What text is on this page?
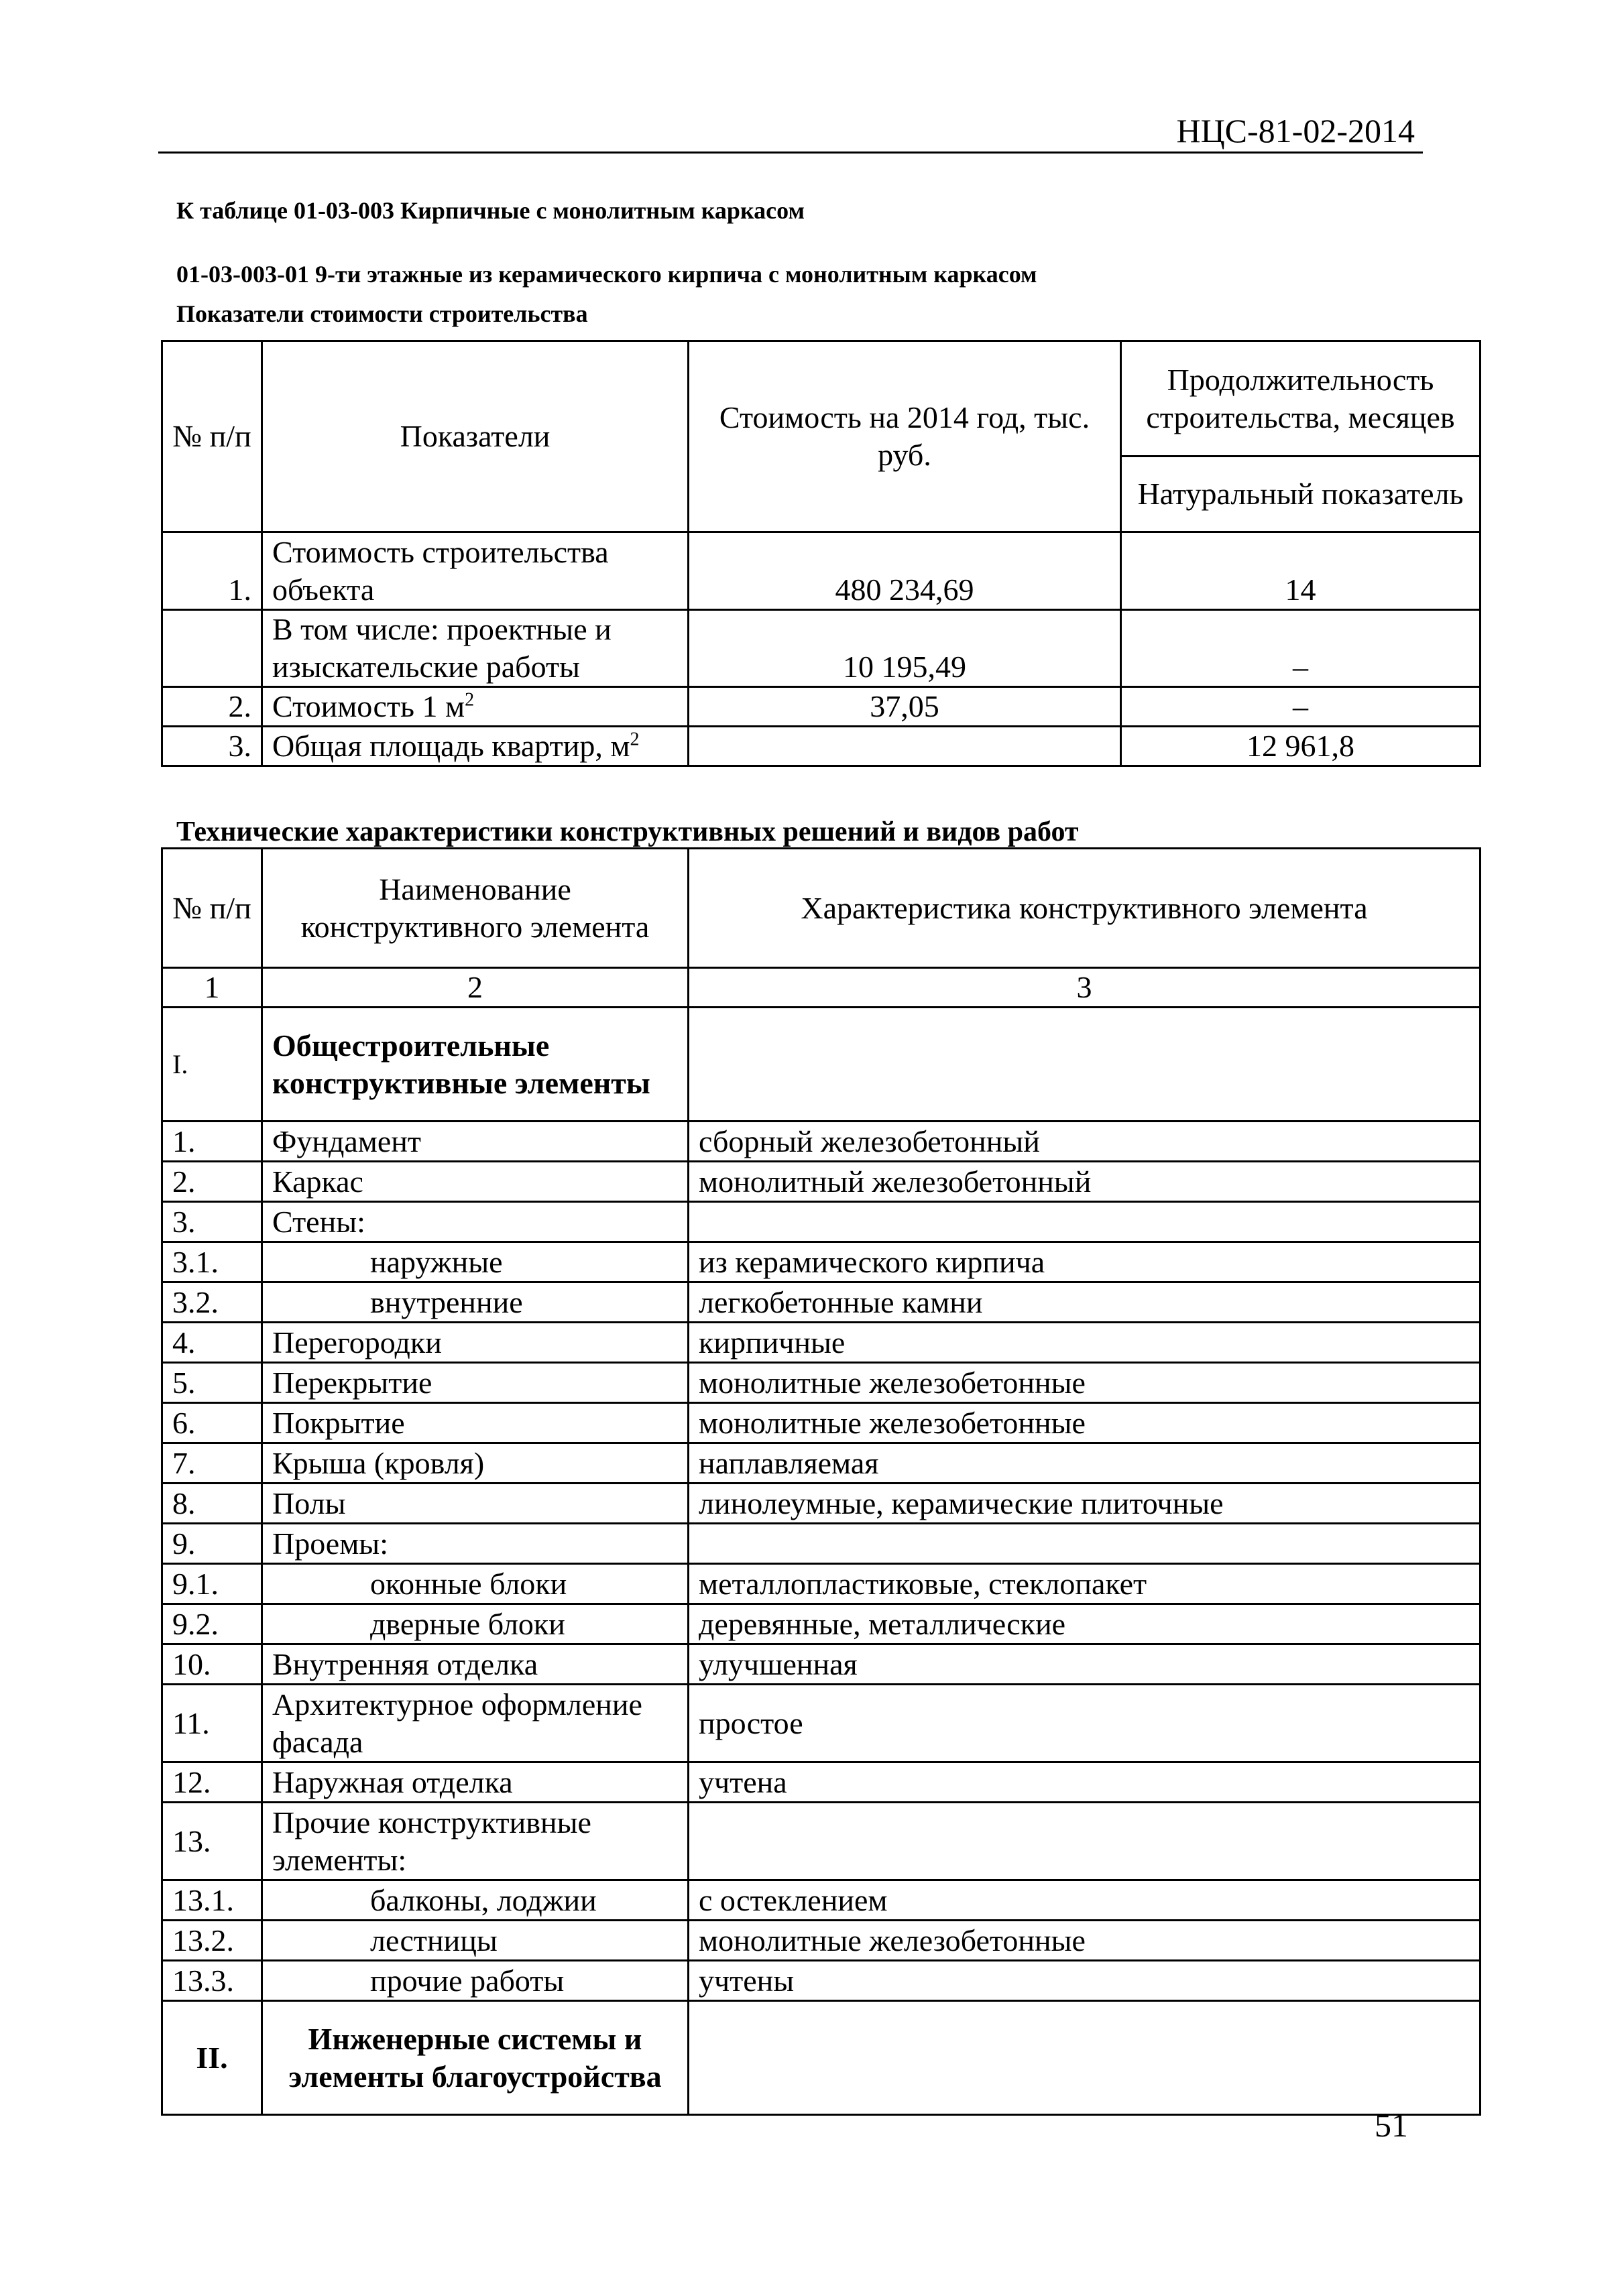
НЦС-81-02-2014
К таблице 01-03-003 Кирпичные с монолитным каркасом
01-03-003-01 9-ти этажные из керамического кирпича с монолитным каркасом
Показатели стоимости строительства
№ п/п	Показатели	Стоимость на 2014 год, тыс. руб.	Продолжительность строительства, месяцев
			Натуральный показатель
1.	Стоимость строительства объекта	480 234,69	14
	В том числе: проектные и изыскательские работы	10 195,49	–
2.	Стоимость 1 $м^2$	37,05	–
3.	Общая площадь квартир, $м^2$		12 961,8
Технические характеристики конструктивных решений и видов работ
№ п/п	Наименование конструктивного элемента	Характеристика конструктивного элемента
1	2	3
I.	Общестроительные конструктивные элементы	
1.	Фундамент	сборный железобетонный
2.	Каркас	монолитный железобетонный
3.	Стены:	
3.1.	наружные	из керамического кирпича
3.2.	внутренние	легкобетонные камни
4.	Перегородки	кирпичные
5.	Перекрытие	монолитные железобетонные
6.	Покрытие	монолитные железобетонные
7.	Крыша (кровля)	наплавляемая
8.	Полы	линолеумные, керамические плиточные
9.	Проемы:	
9.1.	оконные блоки	металлопластиковые, стеклопакет
9.2.	дверные блоки	деревянные, металлические
10.	Внутренняя отделка	улучшенная
11.	Архитектурное оформление фасада	простое
12.	Наружная отделка	учтена
13.	Прочие конструктивные элементы:	
13.1.	балконы, лоджии	с остеклением
13.2.	лестницы	монолитные железобетонные
13.3.	прочие работы	учтены
II.	Инженерные системы и элементы благоустройства	
51
